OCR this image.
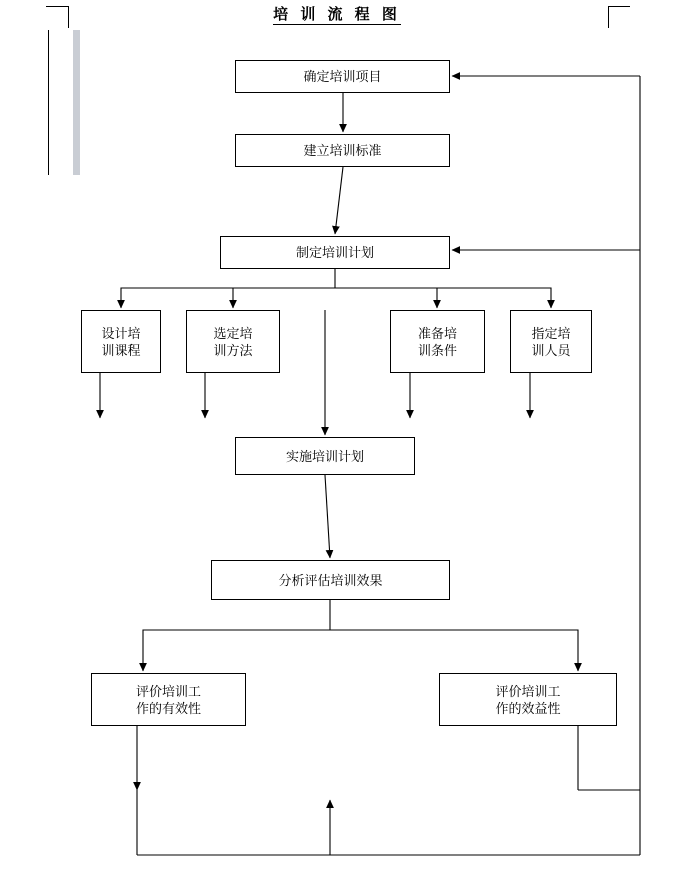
培 训 流 程 图
确定培训项目
建立培训标准
制定培训计划
设计培
训课程
选定培
训方法
准备培
训条件
指定培
训人员
实施培训计划
分析评估培训效果
评价培训工
作的有效性
评价培训工
作的效益性
